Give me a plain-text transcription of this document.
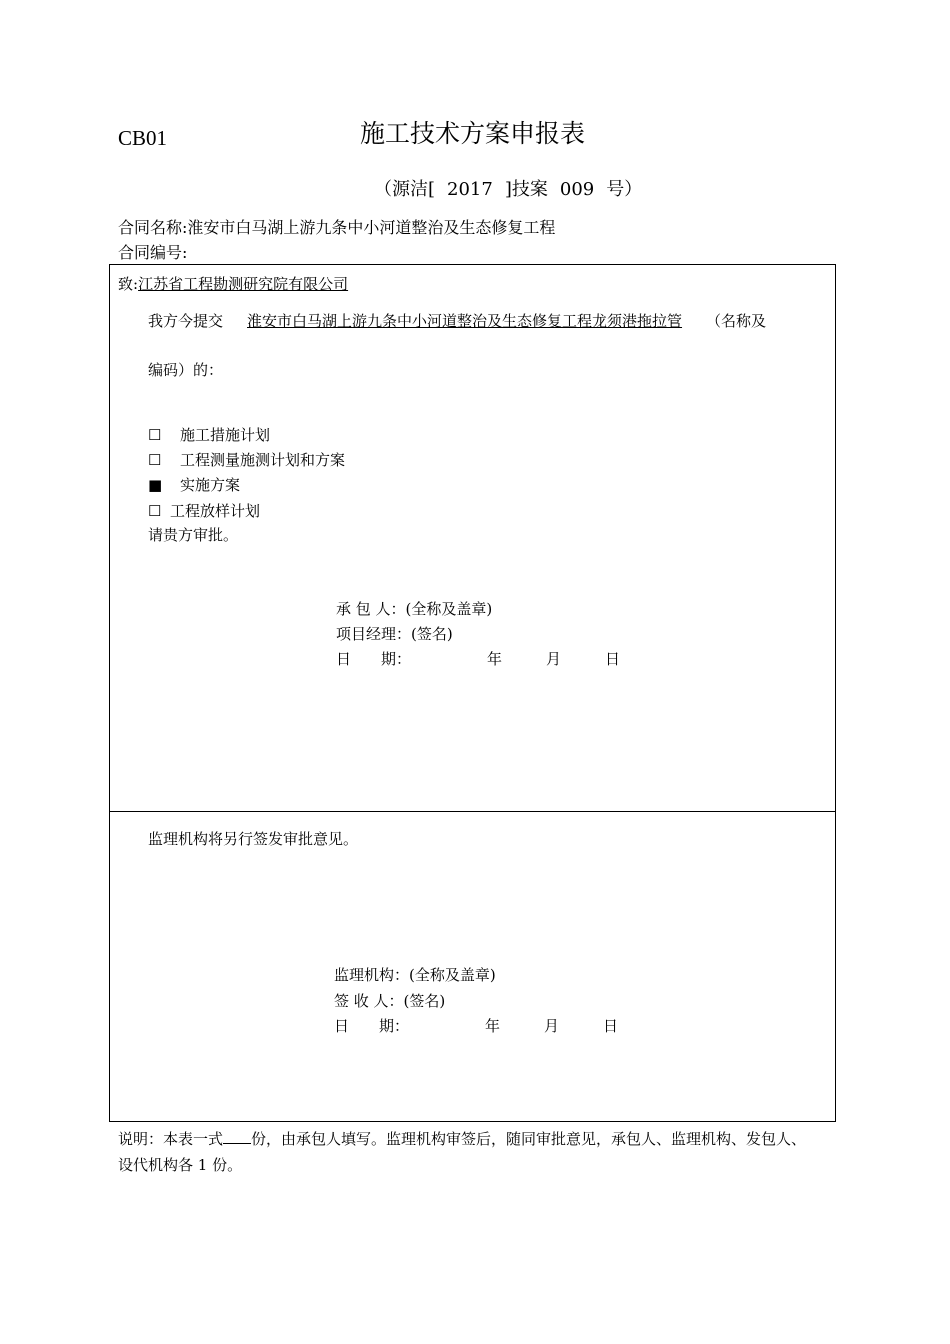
CB01	施工技术方案申报表
（源洁[ 2017 ]技案 009 号）
合同名称:淮安市白马湖上游九条中小河道整治及生态修复工程
合同编号:
致:江苏省工程勘测研究院有限公司
我方今提交 淮安市白马湖上游九条中小河道整治及生态修复工程龙须港拖拉管 （名称及
编码）的：
☐ 施工措施计划
☐ 工程测量施测计划和方案
■ 实施方案
☐ 工程放样计划
请贵方审批。
承 包 人：(全称及盖章)
项目经理：(签名)
日　　期：	年	月	日
监理机构将另行签发审批意见。
监理机构：(全称及盖章)
签 收 人：(签名)
日　　期：	年	月	日
说明：本表一式 份，由承包人填写。监理机构审签后，随同审批意见，承包人、监理机构、发包人、
设代机构各 1 份。
